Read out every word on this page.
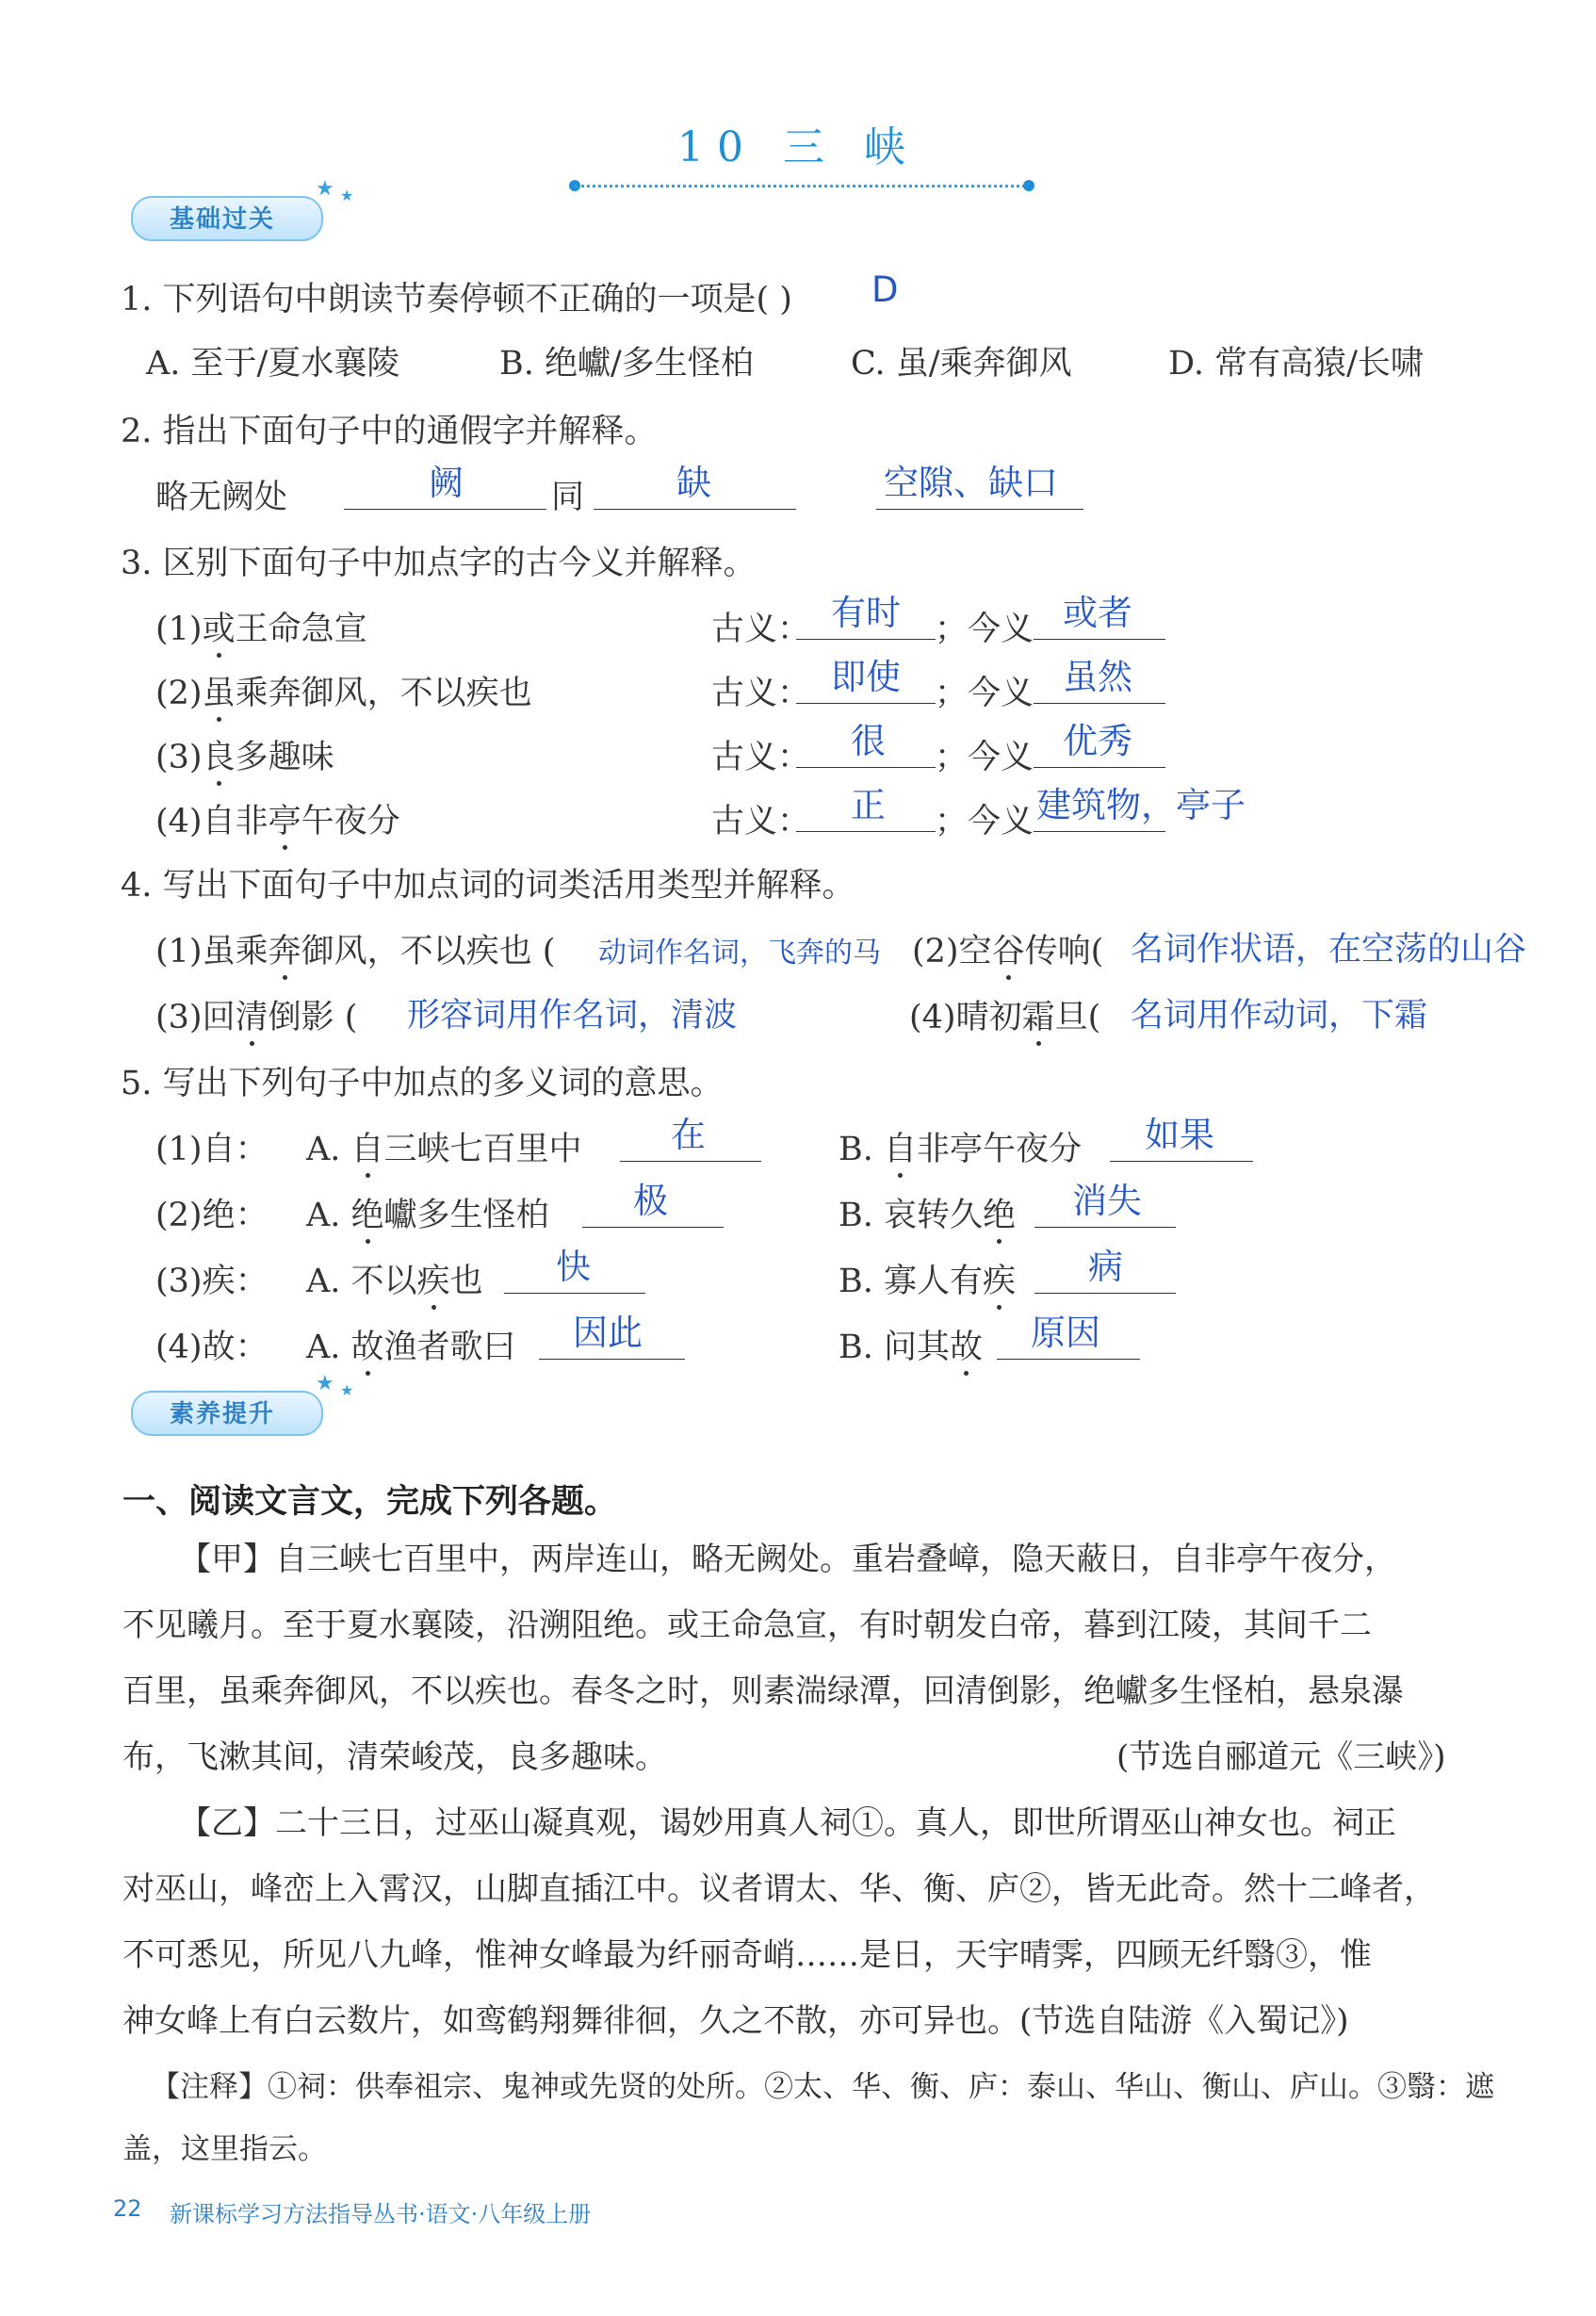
10 三 峡
★ ★
基础过关
1. 下列语句中朗读节奏停顿不正确的一项是( ) D
A. 至于/夏水襄陵	B. 绝巘/多生怪柏	C. 虽/乘奔御风	D. 常有高猿/长啸
2. 指出下面句子中的通假字并解释。
略无阙处	阙	同	缺	空隙、缺口
3. 区别下面句子中加点字的古今义并解释。
(1)或王命急宣	古义： 有时 ；今义 或者
(2)虽乘奔御风，不以疾也	古义： 即使 ；今义 虽然
(3)良多趣味	古义： 很 ；今义 优秀
(4)自非亭午夜分	古义： 正 ；今义 建筑物，亭子
4. 写出下面句子中加点词的词类活用类型并解释。
(1)虽乘奔御风，不以疾也 ( 动词作名词，飞奔的马 (2)空谷传响( 名词作状语，在空荡的山谷
(3)回清倒影 ( 形容词用作名词，清波	(4)晴初霜旦( 名词用作动词，下霜
5. 写出下列句子中加点的多义词的意思。
(1)自： A. 自三峡七百里中	在	B. 自非亭午夜分 如果
(2)绝： A. 绝巘多生怪柏 极	B. 哀转久绝 消失
(3)疾： A. 不以疾也 快	B. 寡人有疾 病
(4)故： A. 故渔者歌曰 因此	B. 问其故 原因
★ ★
素养提升
一、阅读文言文，完成下列各题。
【甲】自三峡七百里中，两岸连山，略无阙处。重岩叠嶂，隐天蔽日，自非亭午夜分，
不见曦月。至于夏水襄陵，沿溯阻绝。或王命急宣，有时朝发白帝，暮到江陵，其间千二
百里，虽乘奔御风，不以疾也。春冬之时，则素湍绿潭，回清倒影，绝巘多生怪柏，悬泉瀑
布，飞漱其间，清荣峻茂，良多趣味。	(节选自郦道元《三峡》)
【乙】二十三日，过巫山凝真观，谒妙用真人祠①。真人，即世所谓巫山神女也。祠正
对巫山，峰峦上入霄汉，山脚直插江中。议者谓太、华、衡、庐②，皆无此奇。然十二峰者，
不可悉见，所见八九峰，惟神女峰最为纤丽奇峭……是日，天宇晴霁，四顾无纤翳③，惟
神女峰上有白云数片，如鸾鹤翔舞徘徊，久之不散，亦可异也。(节选自陆游《入蜀记》)
【注释】①祠：供奉祖宗、鬼神或先贤的处所。②太、华、衡、庐：泰山、华山、衡山、庐山。③翳：遮
盖，这里指云。
22 新课标学习方法指导丛书·语文·八年级上册
